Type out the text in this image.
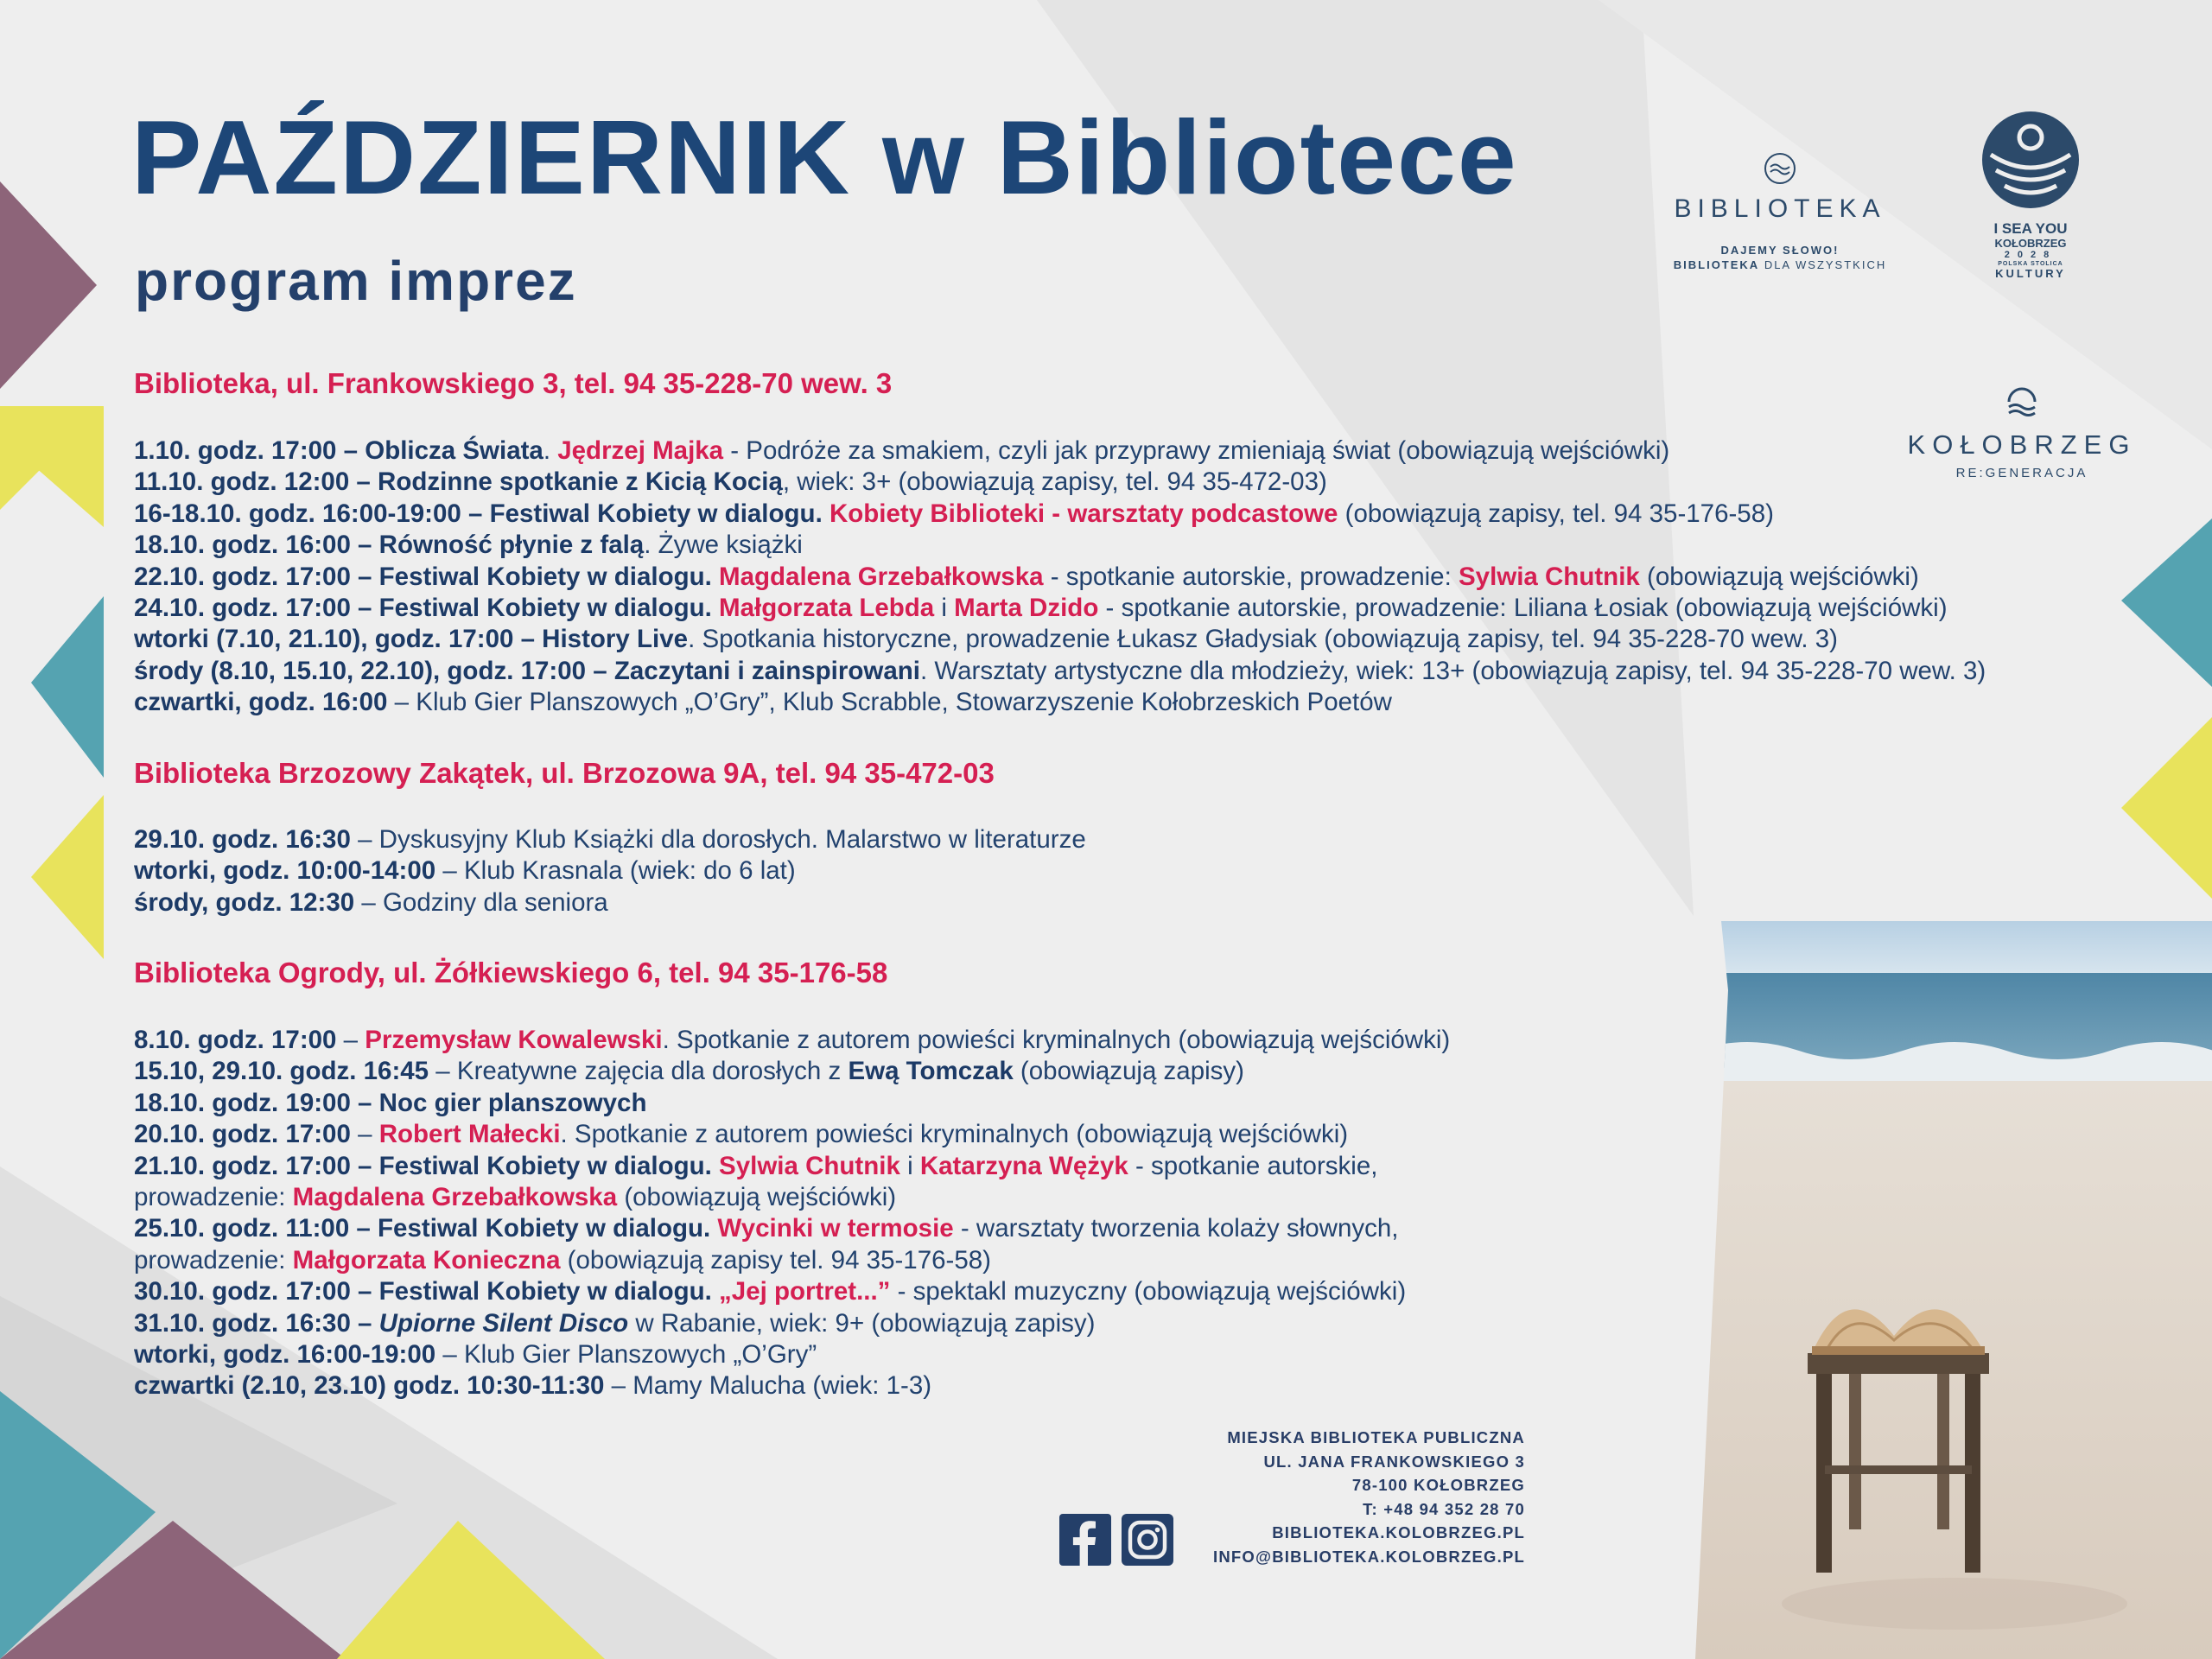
PAŹDZIERNIK w Bibliotece
program imprez
BIBLIOTEKA
DAJEMY SŁOWO!
BIBLIOTEKA DLA WSZYSTKICH
I SEA YOU
KOŁOBRZEG
2028
POLSKA STOLICA
KULTURY
KOŁOBRZEG
RE:GENERACJA
Biblioteka, ul. Frankowskiego 3, tel. 94 35-228-70 wew. 3
1.10. godz. 17:00 – Oblicza Świata. Jędrzej Majka - Podróże za smakiem, czyli jak przyprawy zmieniają świat (obowiązują wejściówki)
11.10. godz. 12:00 – Rodzinne spotkanie z Kicią Kocią, wiek: 3+ (obowiązują zapisy, tel. 94 35-472-03)
16-18.10. godz. 16:00-19:00 – Festiwal Kobiety w dialogu. Kobiety Biblioteki - warsztaty podcastowe (obowiązują zapisy, tel. 94 35-176-58)
18.10. godz. 16:00 – Równość płynie z falą. Żywe książki
22.10. godz. 17:00 – Festiwal Kobiety w dialogu. Magdalena Grzebałkowska - spotkanie autorskie, prowadzenie: Sylwia Chutnik (obowiązują wejściówki)
24.10. godz. 17:00 – Festiwal Kobiety w dialogu. Małgorzata Lebda i Marta Dzido - spotkanie autorskie, prowadzenie: Liliana Łosiak (obowiązują wejściówki)
wtorki (7.10, 21.10), godz. 17:00 – History Live. Spotkania historyczne, prowadzenie Łukasz Gładysiak (obowiązują zapisy, tel. 94 35-228-70 wew. 3)
środy (8.10, 15.10, 22.10), godz. 17:00 – Zaczytani i zainspirowani. Warsztaty artystyczne dla młodzieży, wiek: 13+ (obowiązują zapisy, tel. 94 35-228-70 wew. 3)
czwartki, godz. 16:00 – Klub Gier Planszowych „O’Gry”, Klub Scrabble, Stowarzyszenie Kołobrzeskich Poetów
Biblioteka Brzozowy Zakątek, ul. Brzozowa 9A, tel. 94 35-472-03
29.10. godz. 16:30 – Dyskusyjny Klub Książki dla dorosłych. Malarstwo w literaturze
wtorki, godz. 10:00-14:00 – Klub Krasnala (wiek: do 6 lat)
środy, godz. 12:30 – Godziny dla seniora
Biblioteka Ogrody, ul. Żółkiewskiego 6, tel. 94 35-176-58
8.10. godz. 17:00 – Przemysław Kowalewski. Spotkanie z autorem powieści kryminalnych (obowiązują wejściówki)
15.10, 29.10. godz. 16:45 – Kreatywne zajęcia dla dorosłych z Ewą Tomczak (obowiązują zapisy)
18.10. godz. 19:00 – Noc gier planszowych
20.10. godz. 17:00 – Robert Małecki. Spotkanie z autorem powieści kryminalnych (obowiązują wejściówki)
21.10. godz. 17:00 – Festiwal Kobiety w dialogu. Sylwia Chutnik i Katarzyna Wężyk - spotkanie autorskie,
prowadzenie: Magdalena Grzebałkowska (obowiązują wejściówki)
25.10. godz. 11:00 – Festiwal Kobiety w dialogu. Wycinki w termosie - warsztaty tworzenia kolaży słownych,
prowadzenie: Małgorzata Konieczna (obowiązują zapisy tel. 94 35-176-58)
30.10. godz. 17:00 – Festiwal Kobiety w dialogu. „Jej portret...” - spektakl muzyczny (obowiązują wejściówki)
31.10. godz. 16:30 – Upiorne Silent Disco w Rabanie, wiek: 9+ (obowiązują zapisy)
wtorki, godz. 16:00-19:00 – Klub Gier Planszowych „O’Gry”
czwartki (2.10, 23.10) godz. 10:30-11:30 – Mamy Malucha (wiek: 1-3)
MIEJSKA BIBLIOTEKA PUBLICZNA
UL. JANA FRANKOWSKIEGO 3
78-100 KOŁOBRZEG
T: +48 94 352 28 70
BIBLIOTEKA.KOLOBRZEG.PL
INFO@BIBLIOTEKA.KOLOBRZEG.PL
